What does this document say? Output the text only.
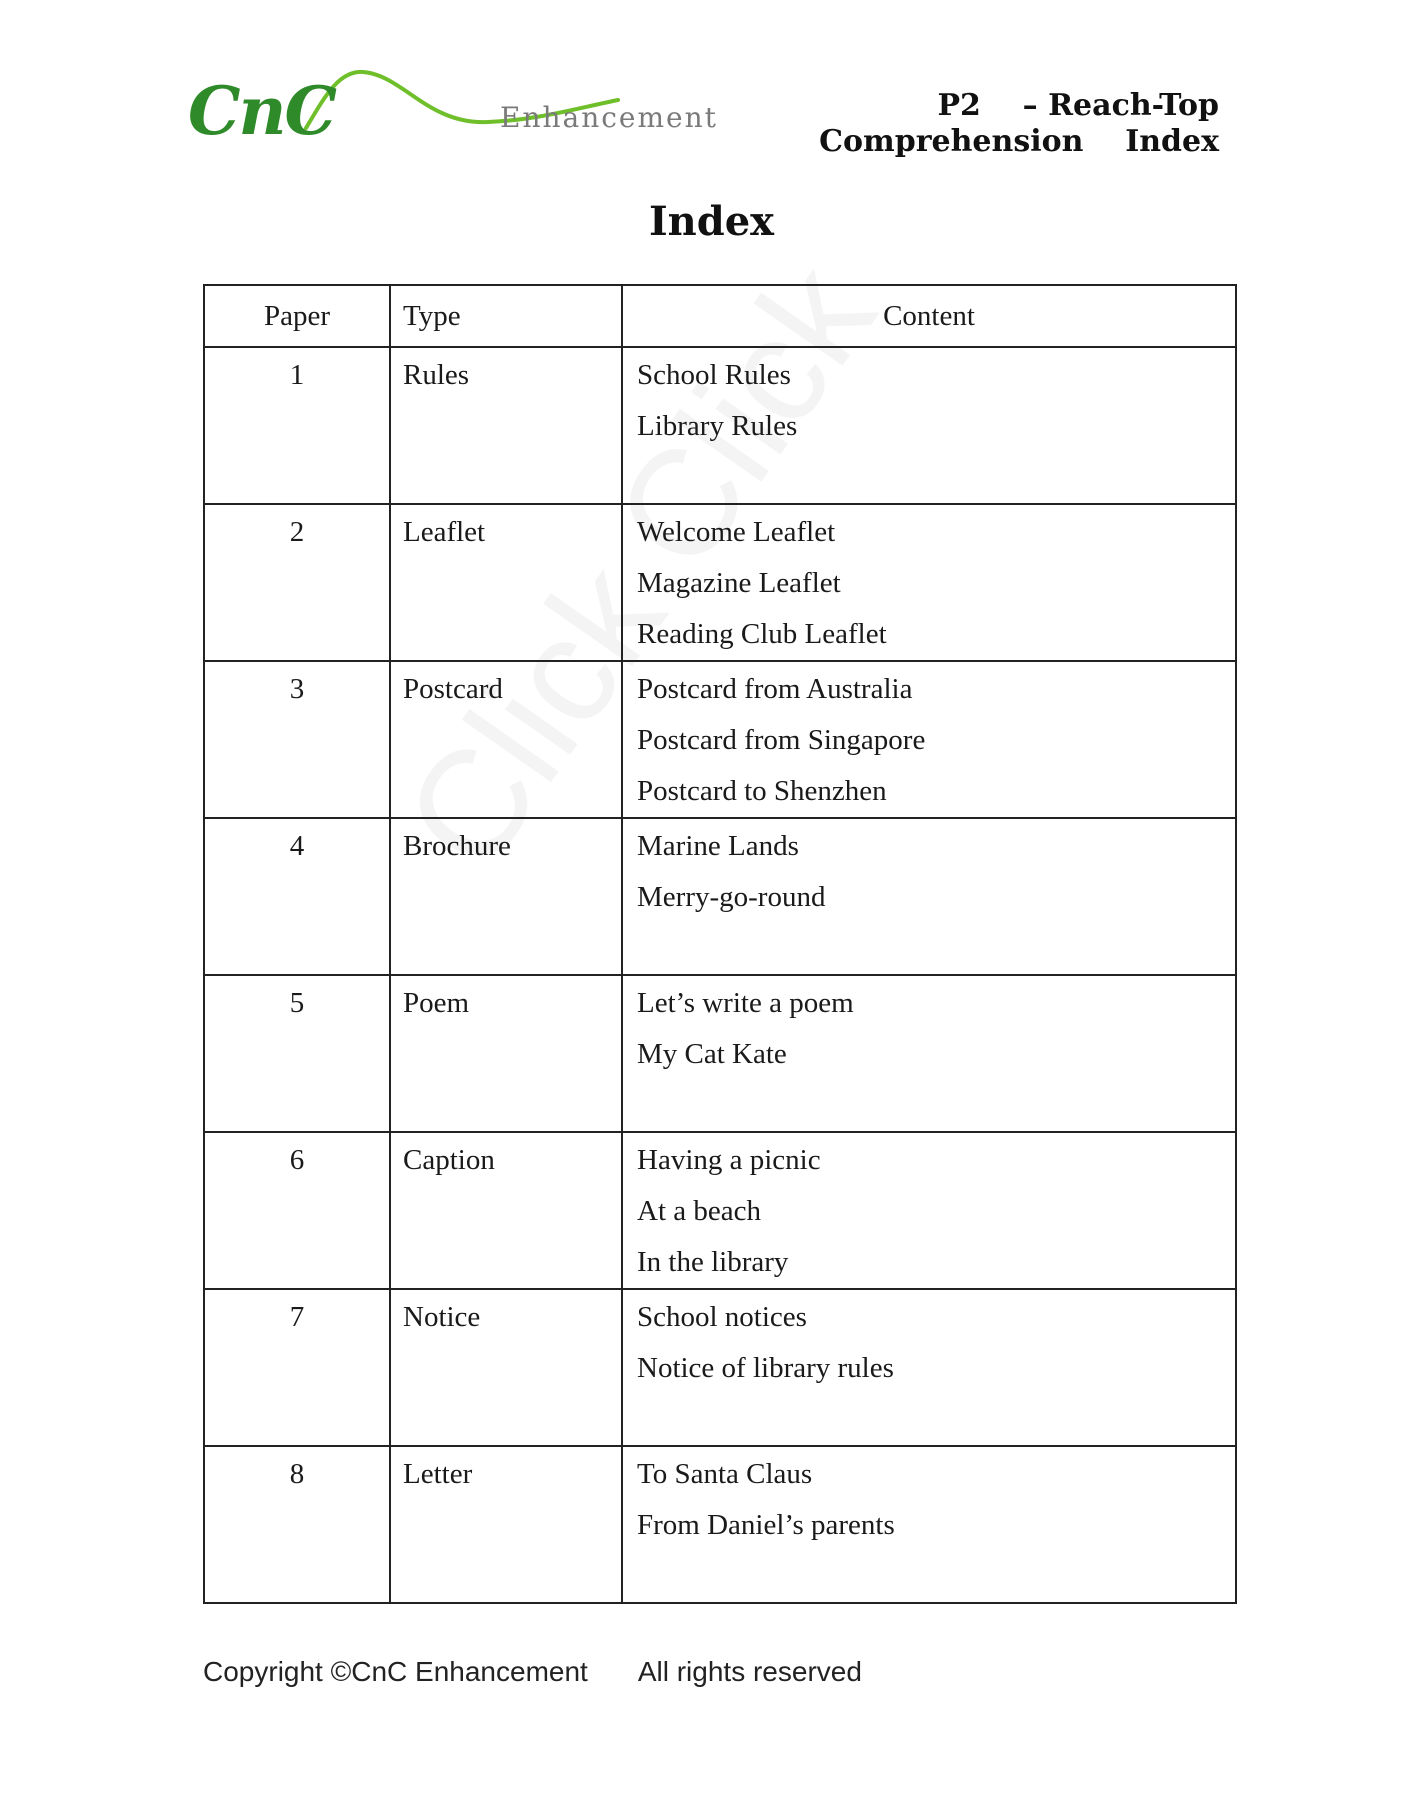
CnC	Enhancement	P2    – Reach-Top
Comprehension    Index
Index
Paper	Type	Content

1	Rules	School Rules
Library Rules

2	Leaflet	Welcome Leaflet
Magazine Leaflet
Reading Club Leaflet

3	Postcard	Postcard from Australia
Postcard from Singapore
Postcard to Shenzhen

4	Brochure	Marine Lands
Merry-go-round

5	Poem	Let’s write a poem
My Cat Kate

6	Caption	Having a picnic
At a beach
In the library

7	Notice	School notices
Notice of library rules

8	Letter	To Santa Claus
From Daniel’s parents
Copyright ©CnC Enhancement All rights reserved
